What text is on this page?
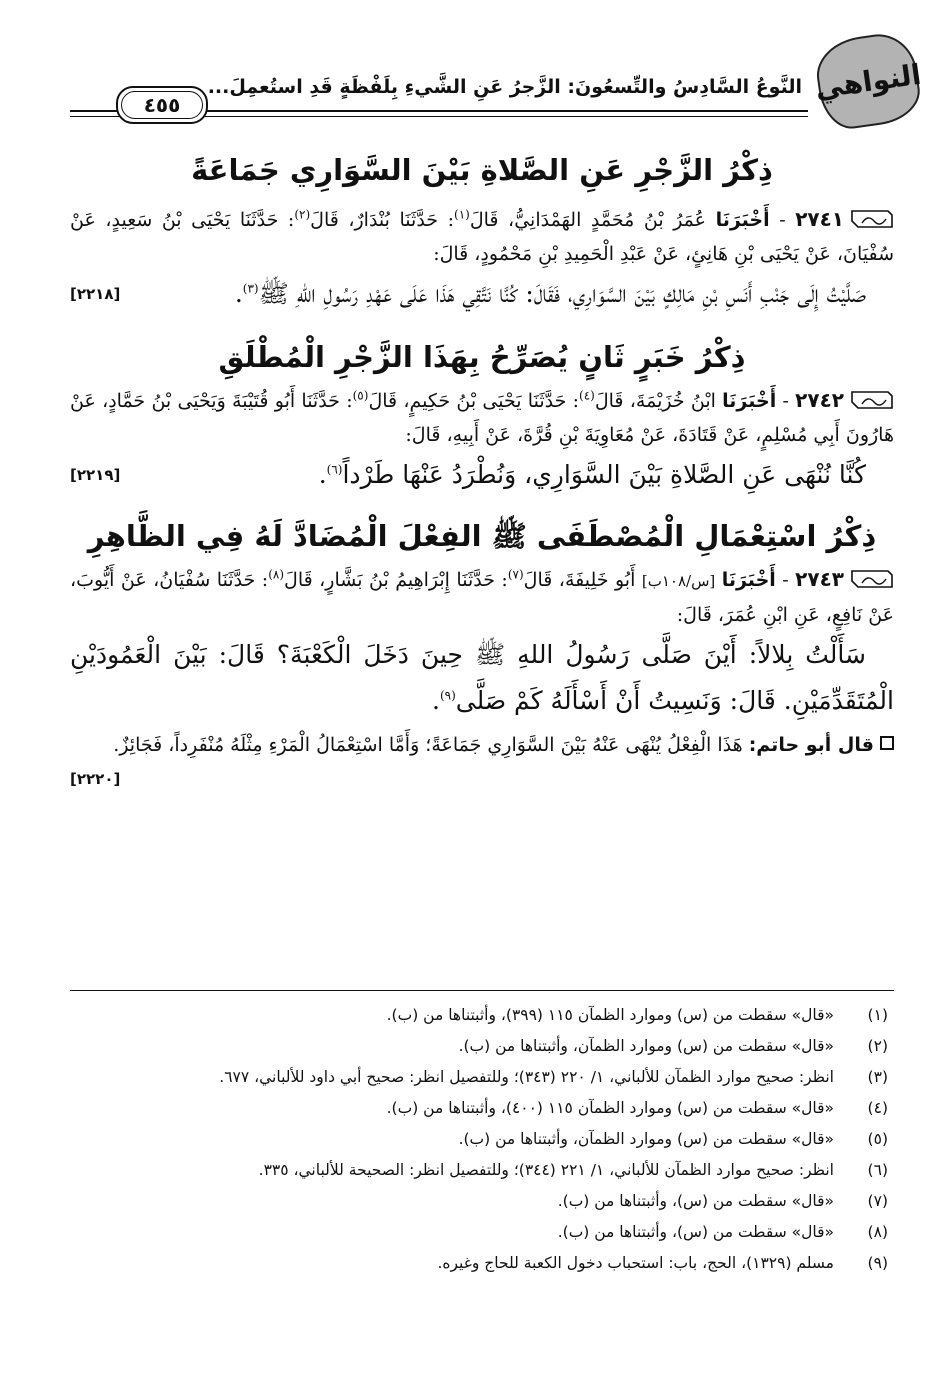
النواهي
النَّوعُ السَّادِسُ والتِّسعُونَ: الزَّجرُ عَنِ الشَّيءِ بِلَفْظَةٍ قَدِ استُعمِلَ...
٤٥٥
ذِكْرُ الزَّجْرِ عَنِ الصَّلاةِ بَيْنَ السَّوَارِي جَمَاعَةً

٢٧٤١ - أَخْبَرَنَا عُمَرُ بْنُ مُحَمَّدٍ الهَمْدَانِيُّ، قَالَ$^{(١)}$: حَدَّثَنَا بُنْدَارٌ، قَالَ$^{(٢)}$: حَدَّثَنَا يَحْيَى بْنُ سَعِيدٍ، عَنْ سُفْيَانَ، عَنْ يَحْيَى بْنِ هَانِئٍ، عَنْ عَبْدِ الْحَمِيدِ بْنِ مَحْمُودٍ، قَالَ:

صَلَّيْتُ إِلَى جَنْبِ أَنَسِ بْنِ مَالِكٍ بَيْنَ السَّوَارِي، فَقَالَ: كُنَّا نَتَّقِي هَذَا عَلَى عَهْدِ رَسُولِ اللهِ ﷺ$^{(٣)}$.
[٢٢١٨]

ذِكْرُ خَبَرٍ ثَانٍ يُصَرِّحُ بِهَذَا الزَّجْرِ الْمُطْلَقِ

٢٧٤٢ - أَخْبَرَنَا ابْنُ خُزَيْمَةَ، قَالَ$^{(٤)}$: حَدَّثَنَا يَحْيَى بْنُ حَكِيمٍ، قَالَ$^{(٥)}$: حَدَّثَنَا أَبُو قُتَيْبَةَ وَيَحْيَى بْنُ حَمَّادٍ، عَنْ هَارُونَ أَبِي مُسْلِمٍ، عَنْ قَتَادَةَ، عَنْ مُعَاوِيَةَ بْنِ قُرَّةَ، عَنْ أَبِيهِ، قَالَ:

كُنَّا نُنْهَى عَنِ الصَّلاةِ بَيْنَ السَّوَارِي، وَنُطْرَدُ عَنْهَا طَرْداً$^{(٦)}$.
[٢٢١٩]

ذِكْرُ اسْتِعْمَالِ الْمُصْطَفَى ﷺ الفِعْلَ الْمُضَادَّ لَهُ فِي الظَّاهِرِ

٢٧٤٣ - أَخْبَرَنَا [س/١٠٨ب] أَبُو خَلِيفَةَ، قَالَ$^{(٧)}$: حَدَّثَنَا إِبْرَاهِيمُ بْنُ بَشَّارٍ، قَالَ$^{(٨)}$: حَدَّثَنَا سُفْيَانُ، عَنْ أَيُّوبَ، عَنْ نَافِعٍ، عَنِ ابْنِ عُمَرَ، قَالَ:

سَأَلْتُ بِلالاً: أَيْنَ صَلَّى رَسُولُ اللهِ ﷺ حِينَ دَخَلَ الْكَعْبَةَ؟ قَالَ: بَيْنَ الْعَمُودَيْنِ الْمُتَقَدِّمَيْنِ. قَالَ: وَنَسِيتُ أَنْ أَسْأَلَهُ كَمْ صَلَّى$^{(٩)}$.

قال أبو حاتم: هَذَا الْفِعْلُ يُنْهَى عَنْهُ بَيْنَ السَّوَارِي جَمَاعَةً؛ وَأَمَّا اسْتِعْمَالُ الْمَرْءِ مِثْلَهُ مُنْفَرِداً، فَجَائِزٌ.
[٢٢٢٠]

(١)
«قال» سقطت من (س) وموارد الظمآن ١١٥ (٣٩٩)، وأثبتناها من (ب).
(٢)
«قال» سقطت من (س) وموارد الظمآن، وأثبتناها من (ب).
(٣)
انظر: صحيح موارد الظمآن للألباني، ١/ ٢٢٠ (٣٤٣)؛ وللتفصيل انظر: صحيح أبي داود للألباني، ٦٧٧.
(٤)
«قال» سقطت من (س) وموارد الظمآن ١١٥ (٤٠٠)، وأثبتناها من (ب).
(٥)
«قال» سقطت من (س) وموارد الظمآن، وأثبتناها من (ب).
(٦)
انظر: صحيح موارد الظمآن للألباني، ١/ ٢٢١ (٣٤٤)؛ وللتفصيل انظر: الصحيحة للألباني، ٣٣٥.
(٧)
«قال» سقطت من (س)، وأثبتناها من (ب).
(٨)
«قال» سقطت من (س)، وأثبتناها من (ب).
(٩)
مسلم (١٣٢٩)، الحج، باب: استحباب دخول الكعبة للحاج وغيره.
